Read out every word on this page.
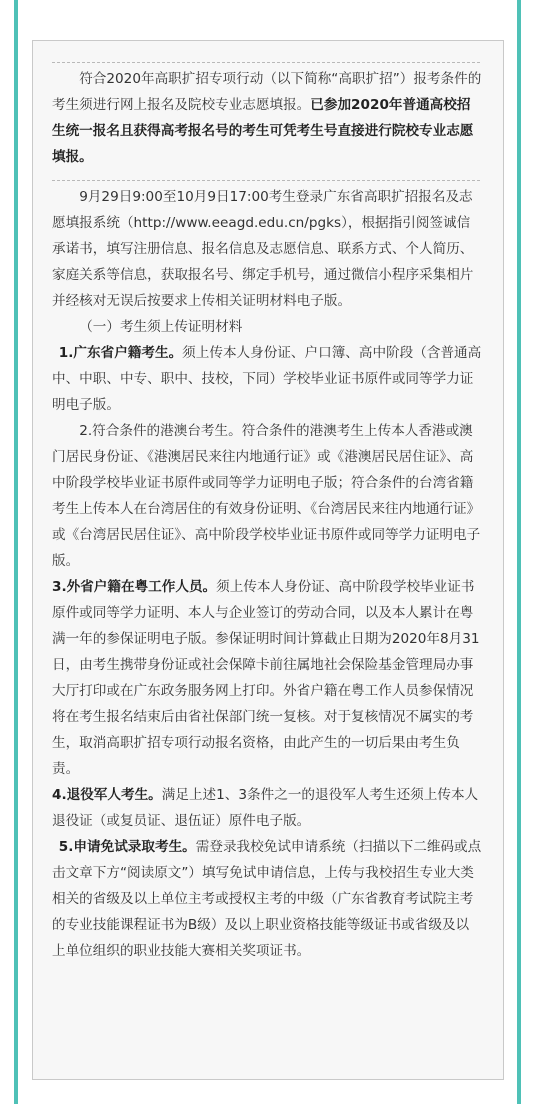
符合2020年高职扩招专项行动（以下简称“高职扩招”）报考条件的考生须进行网上报名及院校专业志愿填报。已参加2020年普通高校招生统一报名且获得高考报名号的考生可凭考生号直接进行院校专业志愿填报。

9月29日9:00至10月9日17:00考生登录广东省高职扩招报名及志愿填报系统（http://www.eeagd.edu.cn/pgks），根据指引阅签诚信承诺书，填写注册信息、报名信息及志愿信息、联系方式、个人简历、家庭关系等信息，获取报名号、绑定手机号，通过微信小程序采集相片并经核对无误后按要求上传相关证明材料电子版。

（一）考生须上传证明材料

1.广东省户籍考生。须上传本人身份证、户口簿、高中阶段（含普通高中、中职、中专、职中、技校，下同）学校毕业证书原件或同等学力证明电子版。

2.符合条件的港澳台考生。符合条件的港澳考生上传本人香港或澳门居民身份证、《港澳居民来往内地通行证》或《港澳居民居住证》、高中阶段学校毕业证书原件或同等学力证明电子版；符合条件的台湾省籍考生上传本人在台湾居住的有效身份证明、《台湾居民来往内地通行证》或《台湾居民居住证》、高中阶段学校毕业证书原件或同等学力证明电子版。

3.外省户籍在粤工作人员。须上传本人身份证、高中阶段学校毕业证书原件或同等学力证明、本人与企业签订的劳动合同，以及本人累计在粤满一年的参保证明电子版。参保证明时间计算截止日期为2020年8月31日，由考生携带身份证或社会保障卡前往属地社会保险基金管理局办事大厅打印或在广东政务服务网上打印。外省户籍在粤工作人员参保情况将在考生报名结束后由省社保部门统一复核。对于复核情况不属实的考生，取消高职扩招专项行动报名资格，由此产生的一切后果由考生负责。

4.退役军人考生。满足上述1、3条件之一的退役军人考生还须上传本人退役证（或复员证、退伍证）原件电子版。

5.申请免试录取考生。需登录我校免试申请系统（扫描以下二维码或点击文章下方“阅读原文”）填写免试申请信息，上传与我校招生专业大类相关的省级及以上单位主考或授权主考的中级（广东省教育考试院主考的专业技能课程证书为B级）及以上职业资格技能等级证书或省级及以上单位组织的职业技能大赛相关奖项证书。
